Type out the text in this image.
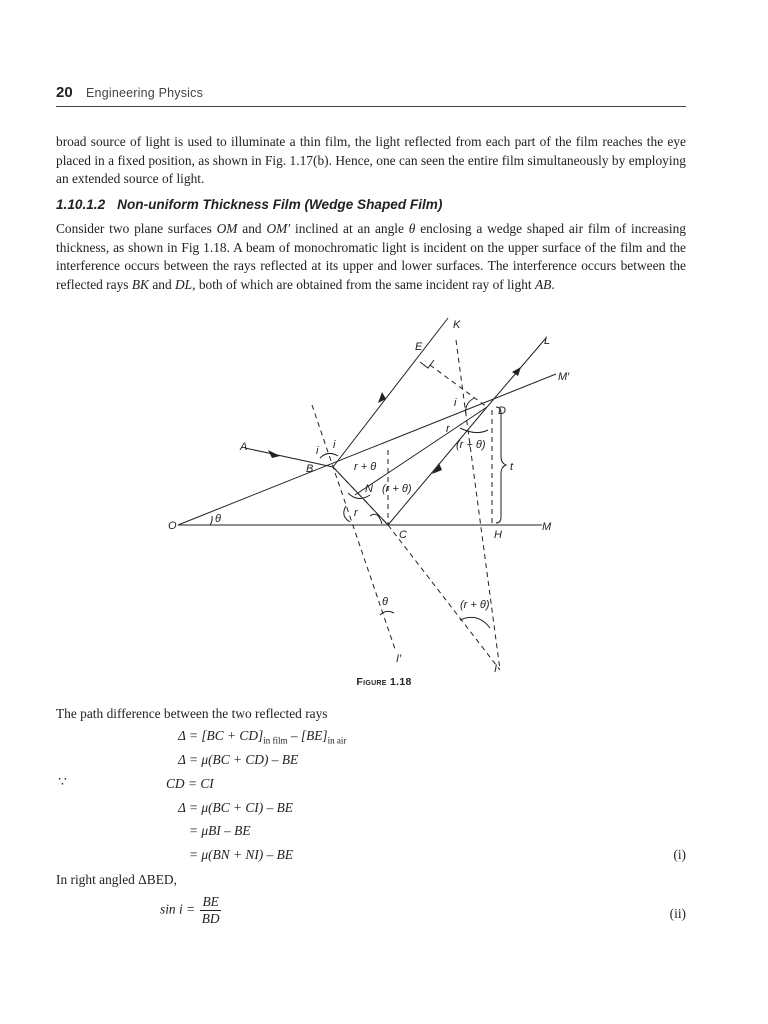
20 Engineering Physics

broad source of light is used to illuminate a thin film, the light reflected from each part of the film reaches the eye placed in a fixed position, as shown in Fig. 1.17(b). Hence, one can seen the entire film simultaneously by employing an extended source of light.

1.10.1.2 Non-uniform Thickness Film (Wedge Shaped Film)

Consider two plane surfaces OM and OM′ inclined at an angle θ enclosing a wedge shaped air film of increasing thickness, as shown in Fig 1.18. A beam of monochromatic light is incident on the upper surface of the film and the interference occurs between the rays reflected at its upper and lower surfaces. The interference occurs between the reflected rays BK and DL, both of which are obtained from the same incident ray of light AB.

K
L
E
M′
i
D
r
(r + θ)
A	i i
B	r + θ	t
N (r + θ)
O
θ	r
C	H
M
θ	(r + θ)
I′
I
Figure 1.18

The path difference between the two reflected rays

$\Delta = [BC + CD]_{in film} - [BE]_{in air}$
Δ = μ(BC + CD) – BE
∵	CD = CI
Δ = μ(BC + CI) – BE
= μBI – BE
= μ(BN + NI) – BE	(i)

In right angled ΔBED,

$\sin i = \frac{BE}{BD}$	(ii)
